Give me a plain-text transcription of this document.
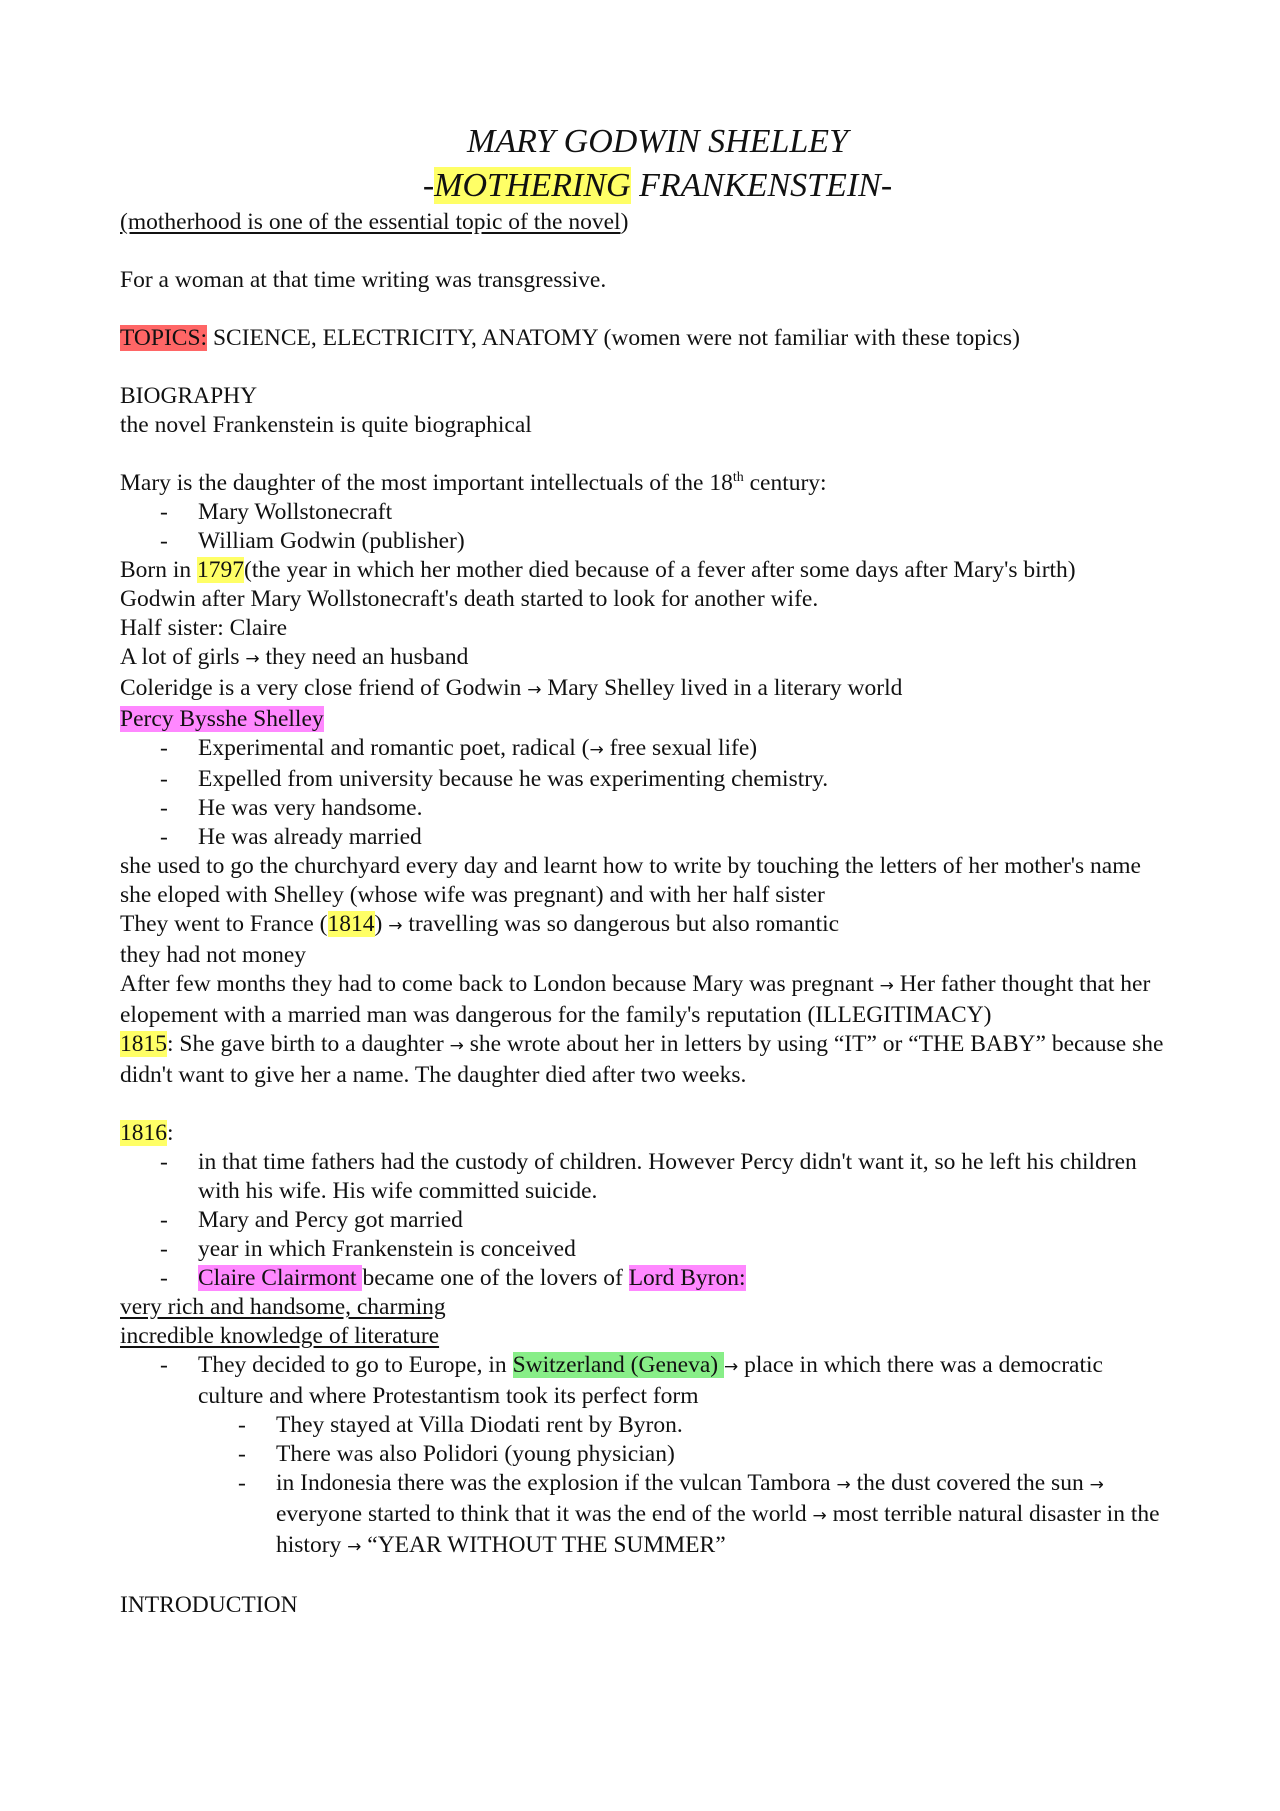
MARY GODWIN SHELLEY
-MOTHERING FRANKENSTEIN-

(motherhood is one of the essential topic of the novel)

For a woman at that time writing was transgressive.

TOPICS: SCIENCE, ELECTRICITY, ANATOMY (women were not familiar with these topics)

BIOGRAPHY

the novel Frankenstein is quite biographical

Mary is the daughter of the most important intellectuals of the 18th century:

- Mary Wollstonecraft
- William Godwin (publisher)

Born in 1797(the year in which her mother died because of a fever after some days after Mary's birth)

Godwin after Mary Wollstonecraft's death started to look for another wife.

Half sister: Claire

A lot of girls → they need an husband

Coleridge is a very close friend of Godwin → Mary Shelley lived in a literary world

Percy Bysshe Shelley

- Experimental and romantic poet, radical (→ free sexual life)
- Expelled from university because he was experimenting chemistry.
- He was very handsome.
- He was already married

she used to go the churchyard every day and learnt how to write by touching the letters of her mother's name

she eloped with Shelley (whose wife was pregnant) and with her half sister

They went to France (1814) → travelling was so dangerous but also romantic

they had not money

After few months they had to come back to London because Mary was pregnant → Her father thought that her elopement with a married man was dangerous for the family's reputation (ILLEGITIMACY)

1815: She gave birth to a daughter → she wrote about her in letters by using “IT” or “THE BABY” because she didn't want to give her a name. The daughter died after two weeks.

1816:

- in that time fathers had the custody of children. However Percy didn't want it, so he left his children with his wife. His wife committed suicide.
- Mary and Percy got married
- year in which Frankenstein is conceived
- Claire Clairmont became one of the lovers of Lord Byron:

very rich and handsome, charming

incredible knowledge of literature

- They decided to go to Europe, in Switzerland (Geneva) → place in which there was a democratic culture and where Protestantism took its perfect form
- They stayed at Villa Diodati rent by Byron.
- There was also Polidori (young physician)
- in Indonesia there was the explosion if the vulcan Tambora → the dust covered the sun → everyone started to think that it was the end of the world → most terrible natural disaster in the history → “YEAR WITHOUT THE SUMMER”

INTRODUCTION
